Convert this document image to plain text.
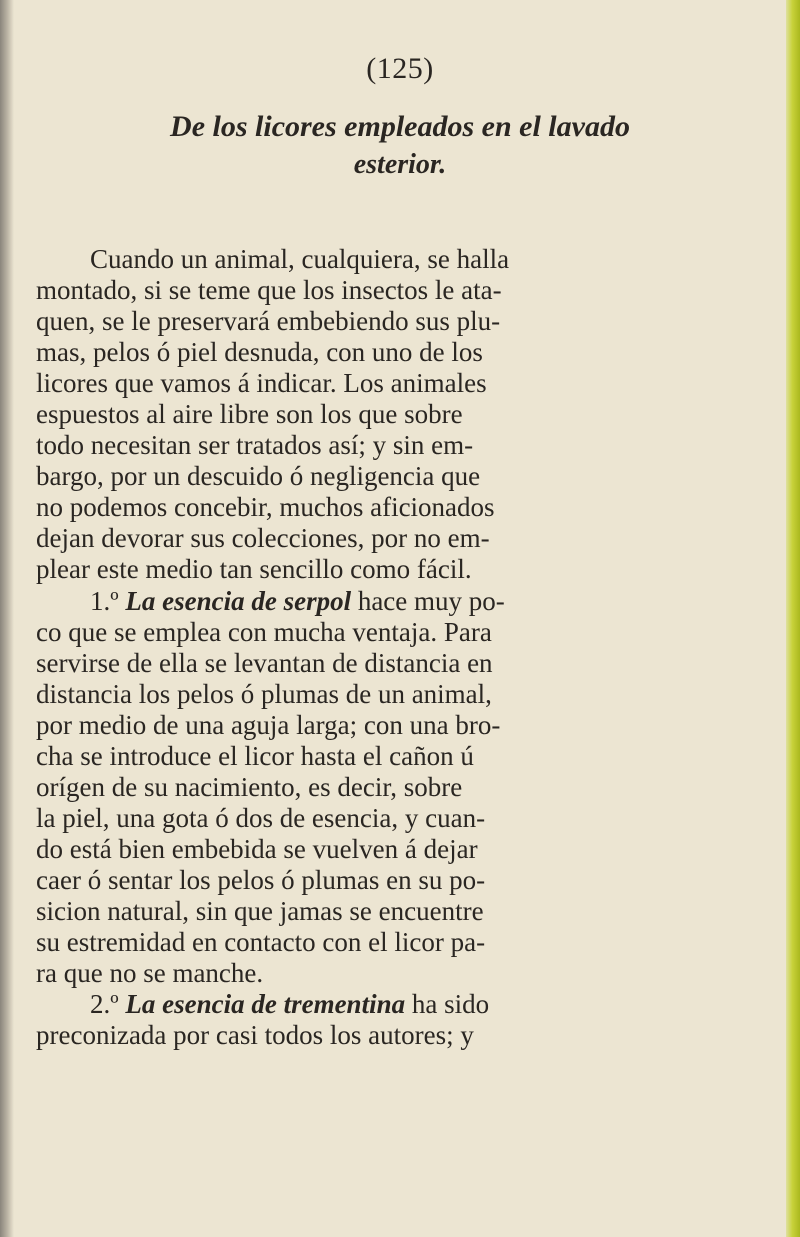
(125)
De los licores empleados en el lavado
esterior.
Cuando un animal, cualquiera, se halla
montado, si se teme que los insectos le ata-
quen, se le preservará embebiendo sus plu-
mas, pelos ó piel desnuda, con uno de los
licores que vamos á indicar. Los animales
espuestos al aire libre son los que sobre
todo necesitan ser tratados así; y sin em-
bargo, por un descuido ó negligencia que
no podemos concebir, muchos aficionados
dejan devorar sus colecciones, por no em-
plear este medio tan sencillo como fácil.
1.º La esencia de serpol hace muy po-
co que se emplea con mucha ventaja. Para
servirse de ella se levantan de distancia en
distancia los pelos ó plumas de un animal,
por medio de una aguja larga; con una bro-
cha se introduce el licor hasta el cañon ú
orígen de su nacimiento, es decir, sobre
la piel, una gota ó dos de esencia, y cuan-
do está bien embebida se vuelven á dejar
caer ó sentar los pelos ó plumas en su po-
sicion natural, sin que jamas se encuentre
su estremidad en contacto con el licor pa-
ra que no se manche.
2.º La esencia de trementina ha sido
preconizada por casi todos los autores; y
